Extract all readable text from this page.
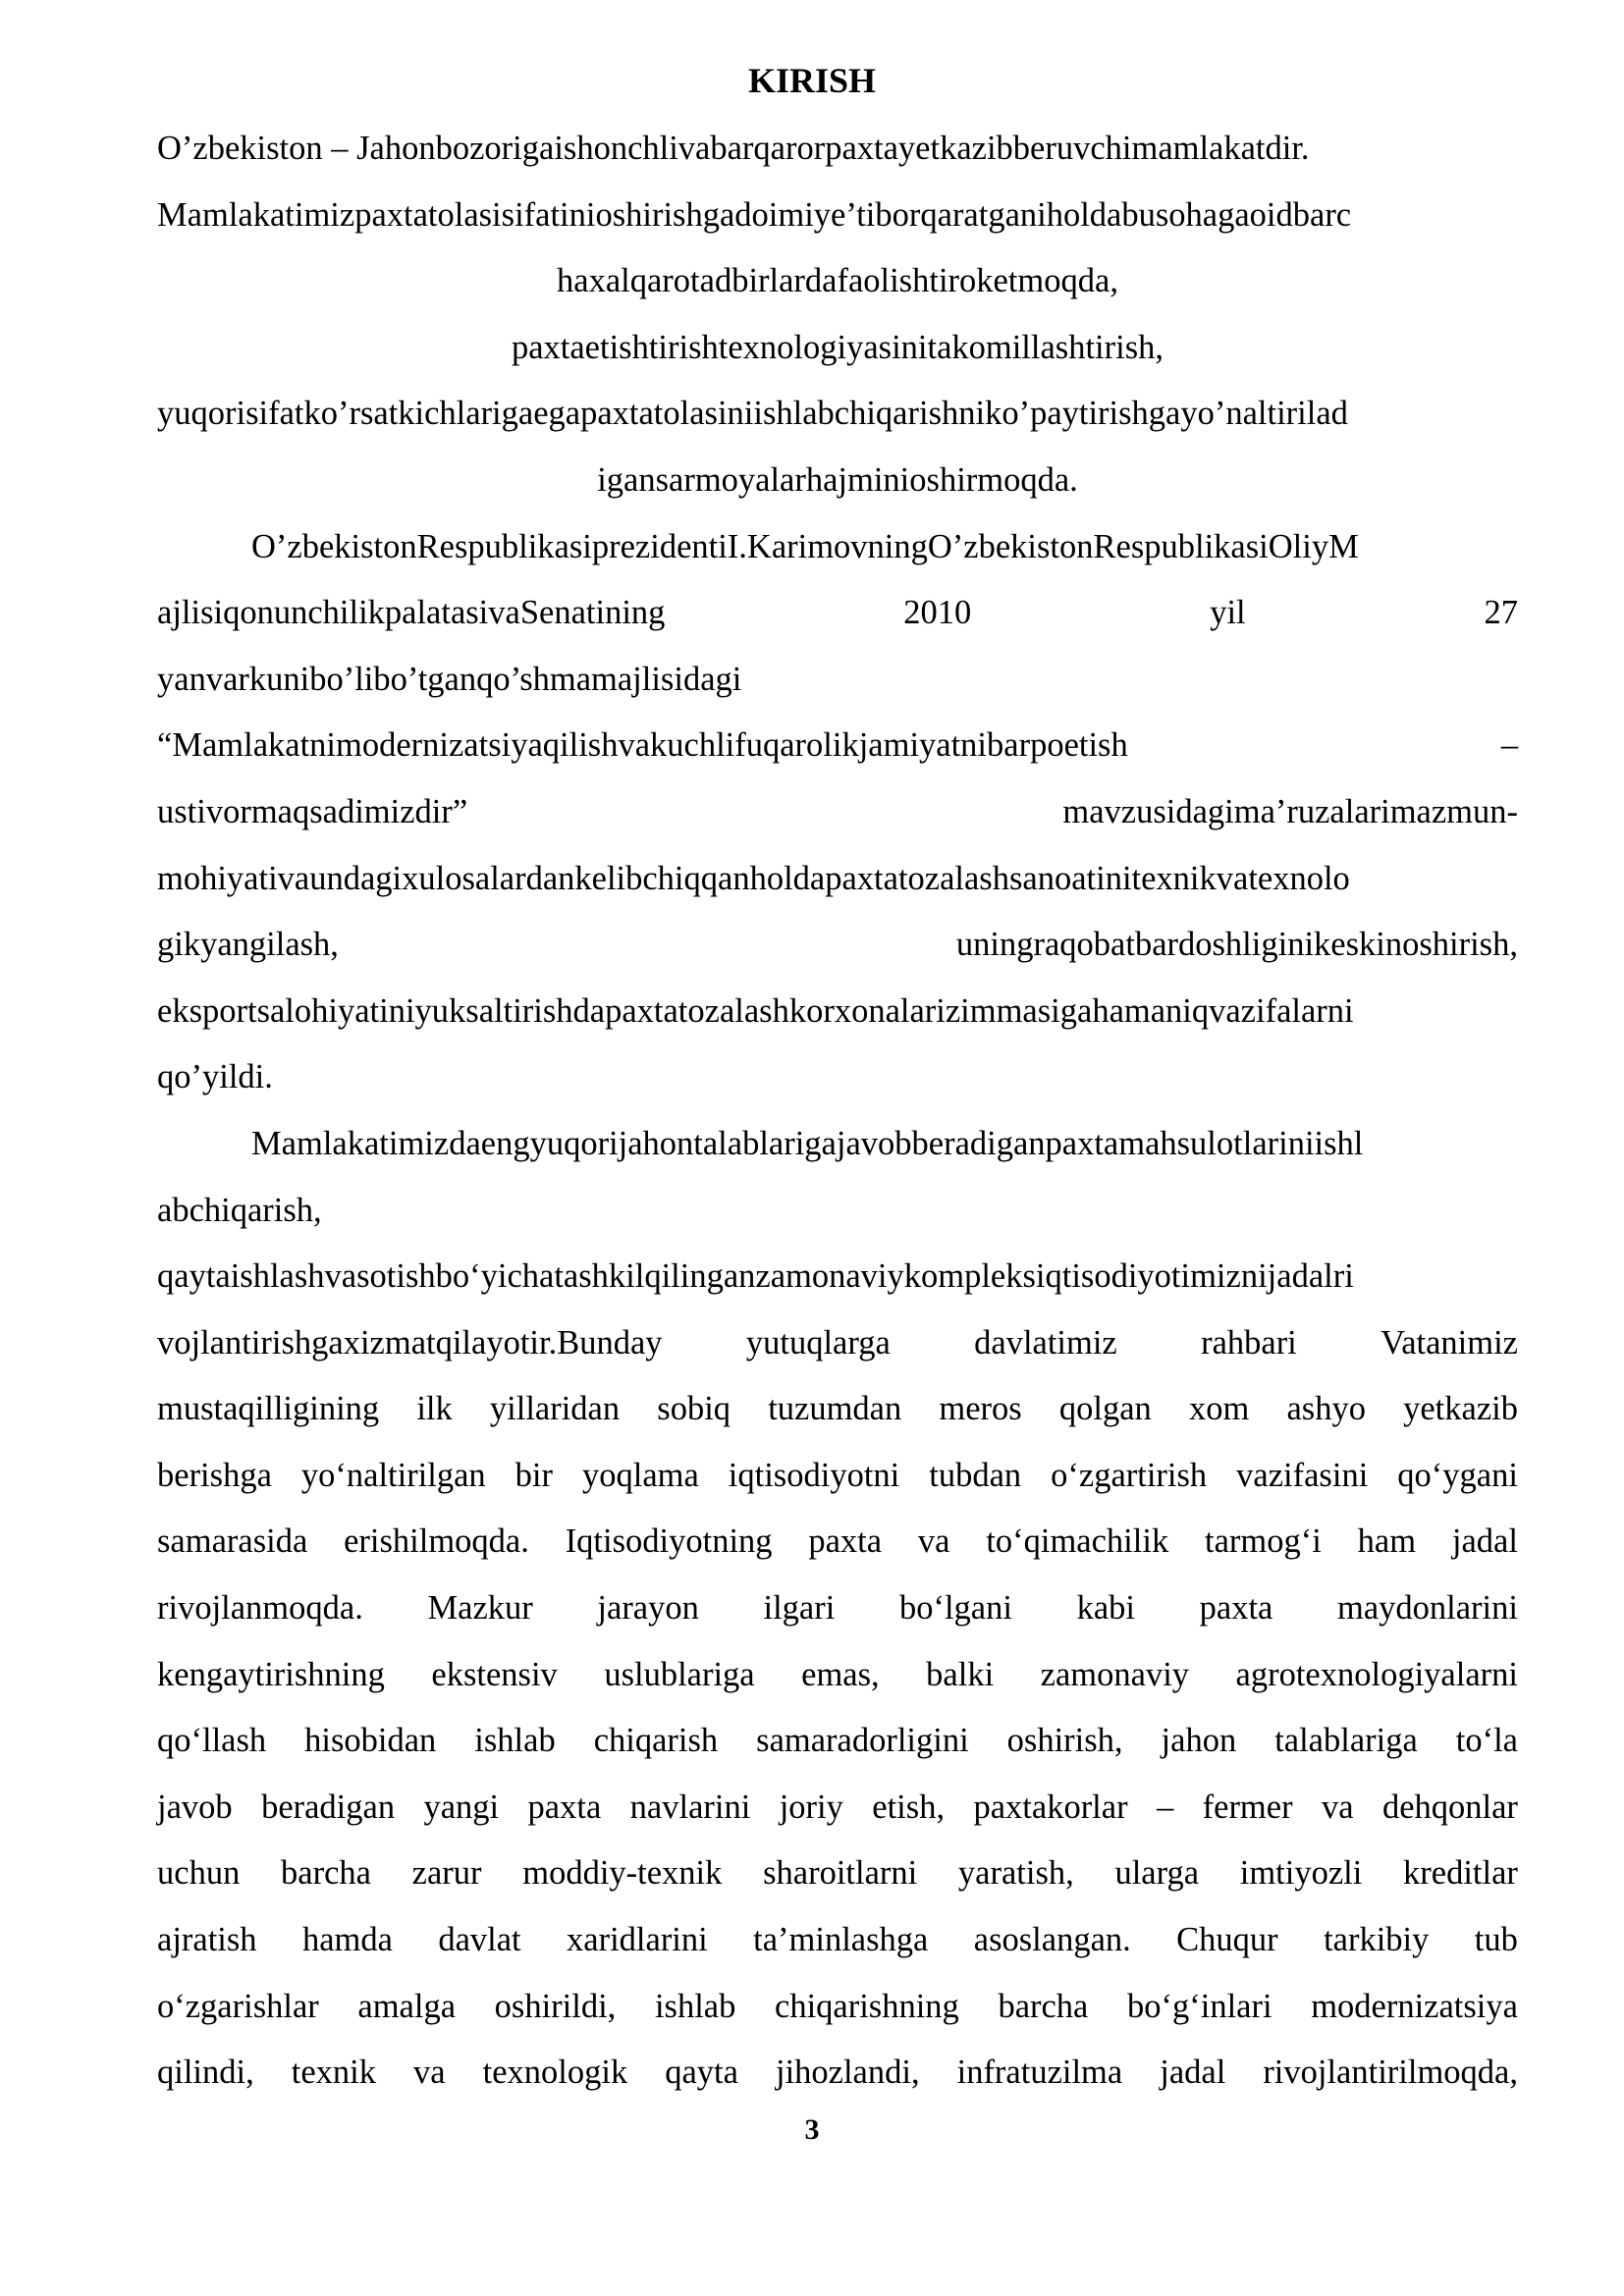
KIRISH
O’zbekiston – Jahonbozorigaishonchlivabarqarorpaxtayetkazibberuvchimamlakatdir.
Mamlakatimizpaxtatolasisifatinioshirishgadoimiye’tiborqaratganiholdabusohagaoidbarc
haxalqarotadbirlardafaolishtiroketmoqda,
paxtaetishtirishtexnologiyasinitakomillashtirish,
yuqorisifatko’rsatkichlarigaegapaxtatolasiniishlabchiqarishniko’paytirishgayo’naltirilad
igansarmoyalarhajminioshirmoqda.
O’zbekistonRespublikasiprezidentiI.KarimovningO’zbekistonRespublikasiOliyM
ajlisiqonunchilikpalatasivaSenatining	2010	yil	27
yanvarkunibo’libo’tganqo’shmamajlisidagi
“Mamlakatnimodernizatsiyaqilishvakuchlifuqarolikjamiyatnibarpoetish	–
ustivormaqsadimizdir”	mavzusidagima’ruzalarimazmun-
mohiyativaundagixulosalardankelibchiqqanholdapaxtatozalashsanoatinitexnikvatexnolo
gikyangilash,	uningraqobatbardoshliginikeskinoshirish,
eksportsalohiyatiniyuksaltirishdapaxtatozalashkorxonalarizimmasigahamaniqvazifalarni
qo’yildi.
Mamlakatimizdaengyuqorijahontalablarigajavobberadiganpaxtamahsulotlariniishl
abchiqarish,
qaytaishlashvasotishbo‘yichatashkilqilinganzamonaviykompleksiqtisodiyotimiznijadalri
vojlantirishgaxizmatqilayotir.Bunday yutuqlarga davlatimiz rahbari Vatanimiz
mustaqilligining ilk yillaridan sobiq tuzumdan meros qolgan xom ashyo yetkazib
berishga yo‘naltirilgan bir yoqlama iqtisodiyotni tubdan o‘zgartirish vazifasini qo‘ygani
samarasida erishilmoqda. Iqtisodiyotning paxta va to‘qimachilik tarmog‘i ham jadal
rivojlanmoqda. Mazkur jarayon ilgari bo‘lgani kabi paxta maydonlarini
kengaytirishning ekstensiv uslublariga emas, balki zamonaviy agrotexnologiyalarni
qo‘llash hisobidan ishlab chiqarish samaradorligini oshirish, jahon talablariga to‘la
javob beradigan yangi paxta navlarini joriy etish, paxtakorlar – fermer va dehqonlar
uchun barcha zarur moddiy-texnik sharoitlarni yaratish, ularga imtiyozli kreditlar
ajratish hamda davlat xaridlarini ta’minlashga asoslangan. Chuqur tarkibiy tub
o‘zgarishlar amalga oshirildi, ishlab chiqarishning barcha bo‘g‘inlari modernizatsiya
qilindi, texnik va texnologik qayta jihozlandi, infratuzilma jadal rivojlantirilmoqda,
3
